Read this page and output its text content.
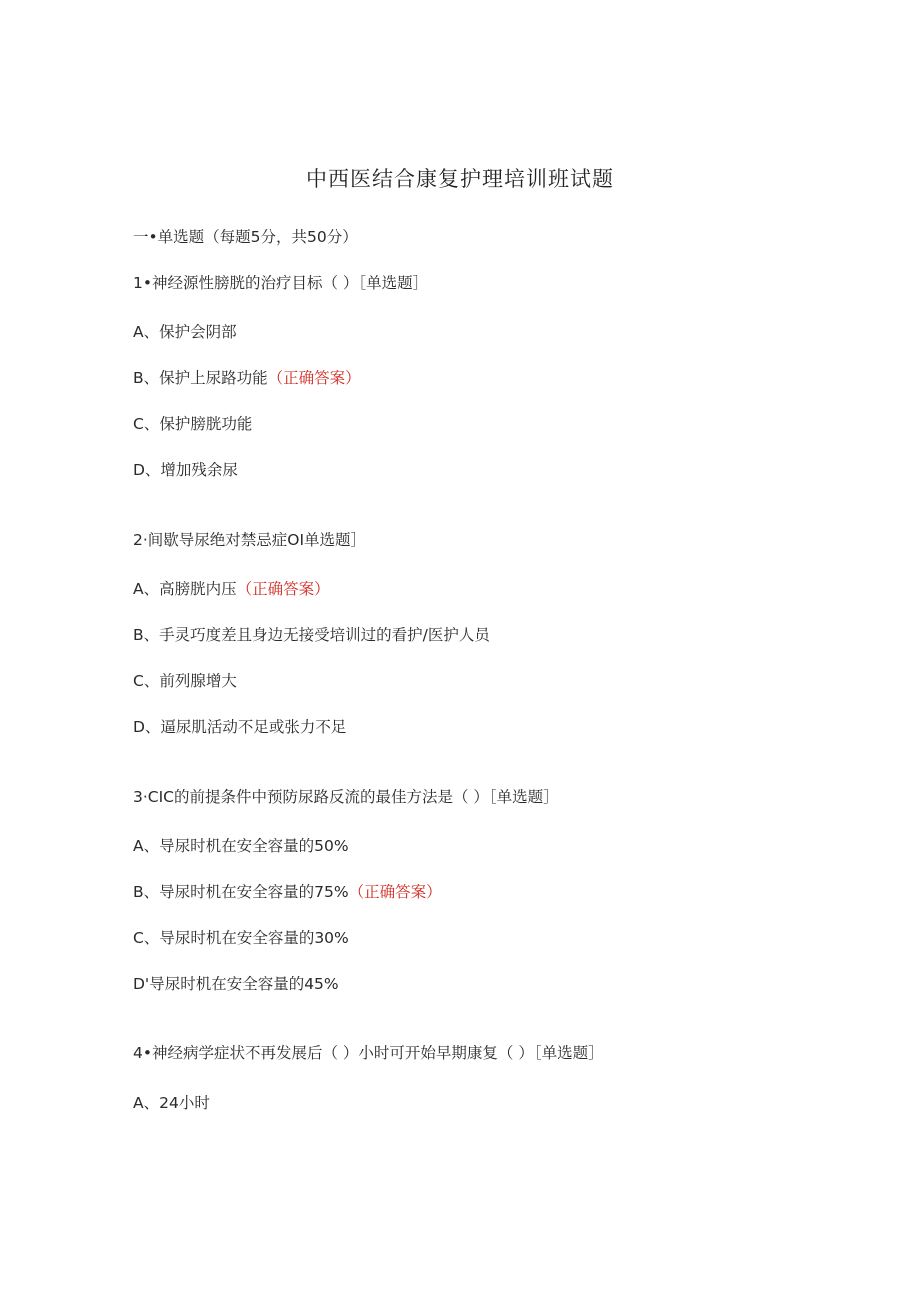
中西医结合康复护理培训班试题
一•单选题（每题5分，共50分）
1•神经源性膀胱的治疗目标（ ）［单选题］
A、保护会阴部
B、保护上尿路功能（正确答案）
C、保护膀胱功能
D、增加残余尿
2·间歇导尿绝对禁忌症OI单选题］
A、高膀胱内压（正确答案）
B、手灵巧度差且身边无接受培训过的看护/医护人员
C、前列腺增大
D、逼尿肌活动不足或张力不足
3·CIC的前提条件中预防尿路反流的最佳方法是（ ）［单选题］
A、导尿时机在安全容量的50%
B、导尿时机在安全容量的75%（正确答案）
C、导尿时机在安全容量的30%
D'导尿时机在安全容量的45%
4•神经病学症状不再发展后（ ）小时可开始早期康复（ ）［单选题］
A、24小时
